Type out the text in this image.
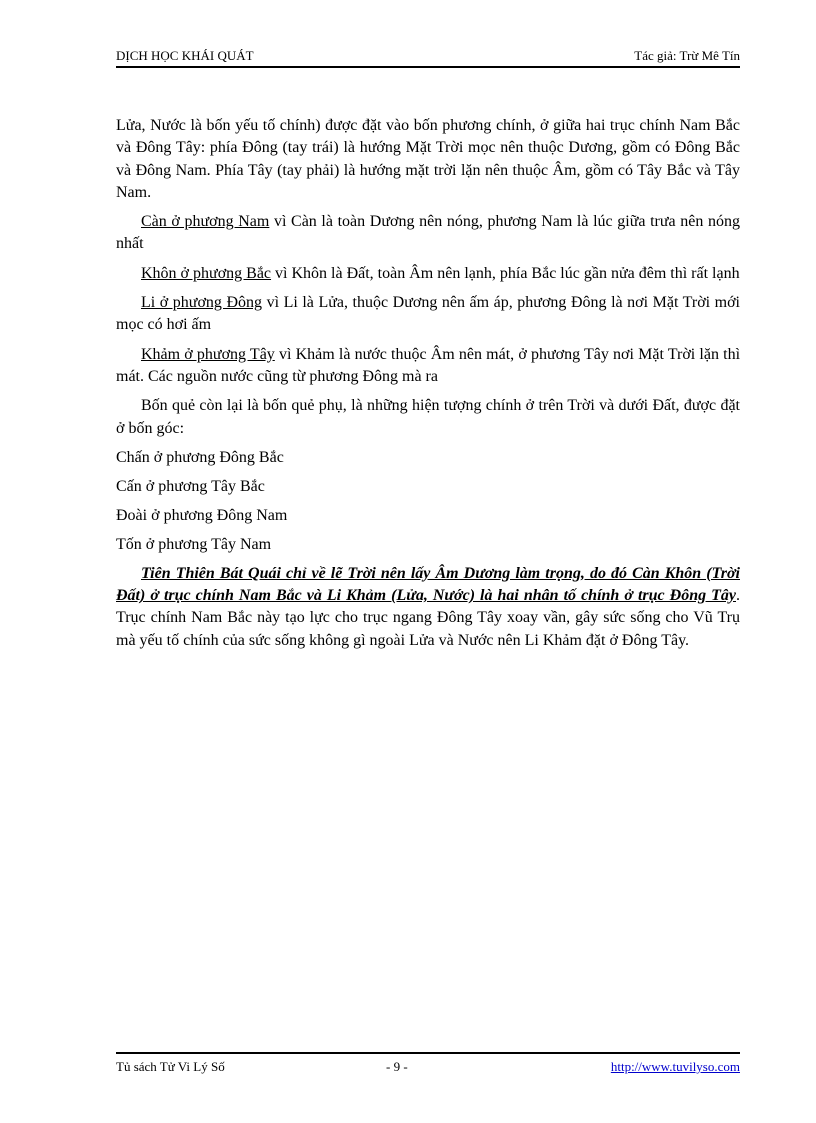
DỊCH HỌC KHÁI QUÁT	Tác giả: Trừ Mê Tín

Lửa, Nước là bốn yếu tố chính) được đặt vào bốn phương chính, ở giữa hai trục chính Nam Bắc và Đông Tây: phía Đông (tay trái) là hướng Mặt Trời mọc nên thuộc Dương, gồm có Đông Bắc và Đông Nam. Phía Tây (tay phải) là hướng mặt trời lặn nên thuộc Âm, gồm có Tây Bắc và Tây Nam.

Càn ở phương Nam vì Càn là toàn Dương nên nóng, phương Nam là lúc giữa trưa nên nóng nhất

Khôn ở phương Bắc vì Khôn là Đất, toàn Âm nên lạnh, phía Bắc lúc gần nửa đêm thì rất lạnh

Li ở phương Đông vì Li là Lửa, thuộc Dương nên ấm áp, phương Đông là nơi Mặt Trời mới mọc có hơi ấm

Khảm ở phương Tây vì Khảm là nước thuộc Âm nên mát, ở phương Tây nơi Mặt Trời lặn thì mát. Các nguồn nước cũng từ phương Đông mà ra

Bốn quẻ còn lại là bốn quẻ phụ, là những hiện tượng chính ở trên Trời và dưới Đất, được đặt ở bốn góc:

Chấn ở phương Đông Bắc

Cấn ở phương Tây Bắc

Đoài ở phương Đông Nam

Tốn ở phương Tây Nam

Tiên Thiên Bát Quái chỉ về lẽ Trời nên lấy Âm Dương làm trọng, do đó Càn Khôn (Trời Đất) ở trục chính Nam Bắc và Li Khảm (Lửa, Nước) là hai nhân tố chính ở trục Đông Tây. Trục chính Nam Bắc này tạo lực cho trục ngang Đông Tây xoay vần, gây sức sống cho Vũ Trụ mà yếu tố chính của sức sống không gì ngoài Lửa và Nước nên Li Khảm đặt ở Đông Tây.

Tủ sách Tử Vi Lý Số	- 9 -	http://www.tuvilyso.com
